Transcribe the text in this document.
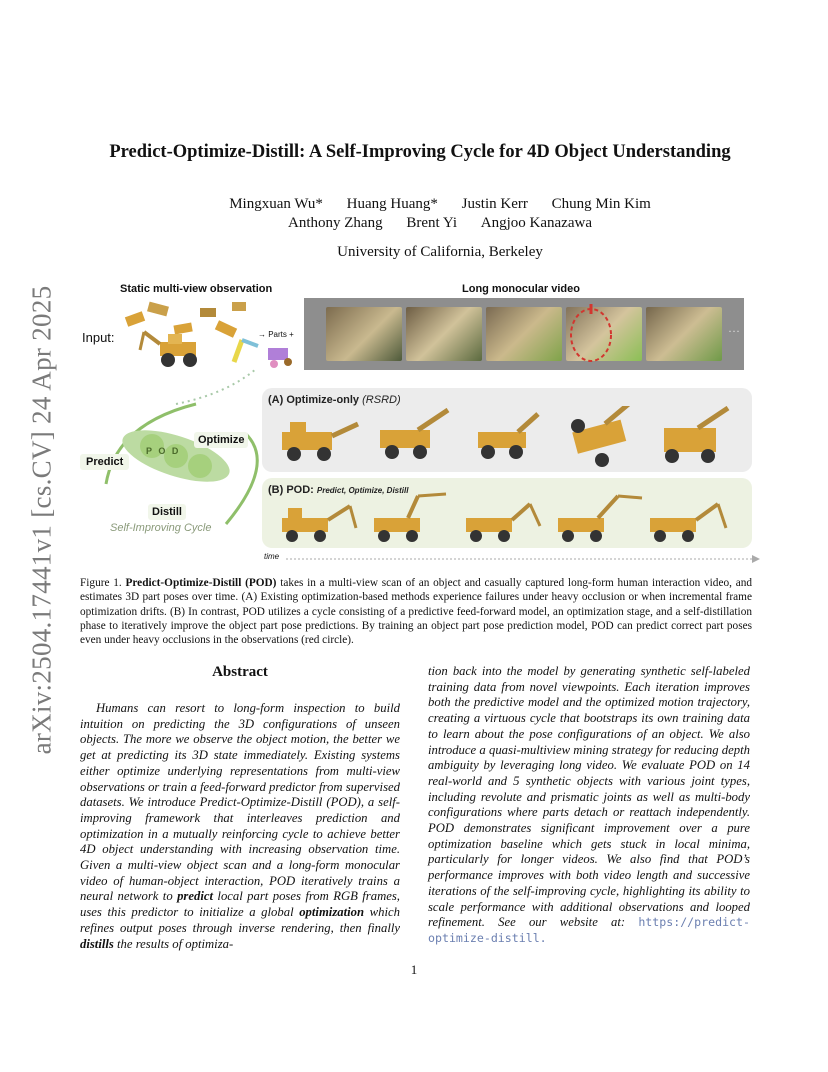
arXiv:2504.17441v1 [cs.CV] 24 Apr 2025
Predict-Optimize-Distill: A Self-Improving Cycle for 4D Object Understanding
Mingxuan Wu* Huang Huang* Justin Kerr Chung Min Kim
Anthony Zhang Brent Yi Angjoo Kanazawa
University of California, Berkeley
Static multi-view observation	Long monocular video
Input:	→ Parts +	···
P O D
Predict
Optimize
Distill
Self-Improving Cycle
(A) Optimize-only (RSRD)
(B) POD: Predict, Optimize, Distill
time
Figure 1. Predict-Optimize-Distill (POD) takes in a multi-view scan of an object and casually captured long-form human interaction video, and estimates 3D part poses over time. (A) Existing optimization-based methods experience failures under heavy occlusion or when incremental frame optimization drifts. (B) In contrast, POD utilizes a cycle consisting of a predictive feed-forward model, an optimization stage, and a self-distillation phase to iteratively improve the object part pose predictions. By training an object part pose prediction model, POD can predict correct part poses even under heavy occlusions in the observations (red circle).
Abstract

Humans can resort to long-form inspection to build intuition on predicting the 3D configurations of unseen objects. The more we observe the object motion, the better we get at predicting its 3D state immediately. Existing systems either optimize underlying representations from multi-view observations or train a feed-forward predictor from supervised datasets. We introduce Predict-Optimize-Distill (POD), a self-improving framework that interleaves prediction and optimization in a mutually reinforcing cycle to achieve better 4D object understanding with increasing observation time. Given a multi-view object scan and a long-form monocular video of human-object interaction, POD iteratively trains a neural network to predict local part poses from RGB frames, uses this predictor to initialize a global optimization which refines output poses through inverse rendering, then finally distills the results of optimiza-

tion back into the model by generating synthetic self-labeled training data from novel viewpoints. Each iteration improves both the predictive model and the optimized motion trajectory, creating a virtuous cycle that bootstraps its own training data to learn about the pose configurations of an object. We also introduce a quasi-multiview mining strategy for reducing depth ambiguity by leveraging long video. We evaluate POD on 14 real-world and 5 synthetic objects with various joint types, including revolute and prismatic joints as well as multi-body configurations where parts detach or reattach independently. POD demonstrates significant improvement over a pure optimization baseline which gets stuck in local minima, particularly for longer videos. We also find that POD’s performance improves with both video length and successive iterations of the self-improving cycle, highlighting its ability to scale performance with additional observations and looped refinement. See our website at: https://predict-optimize-distill.

1
